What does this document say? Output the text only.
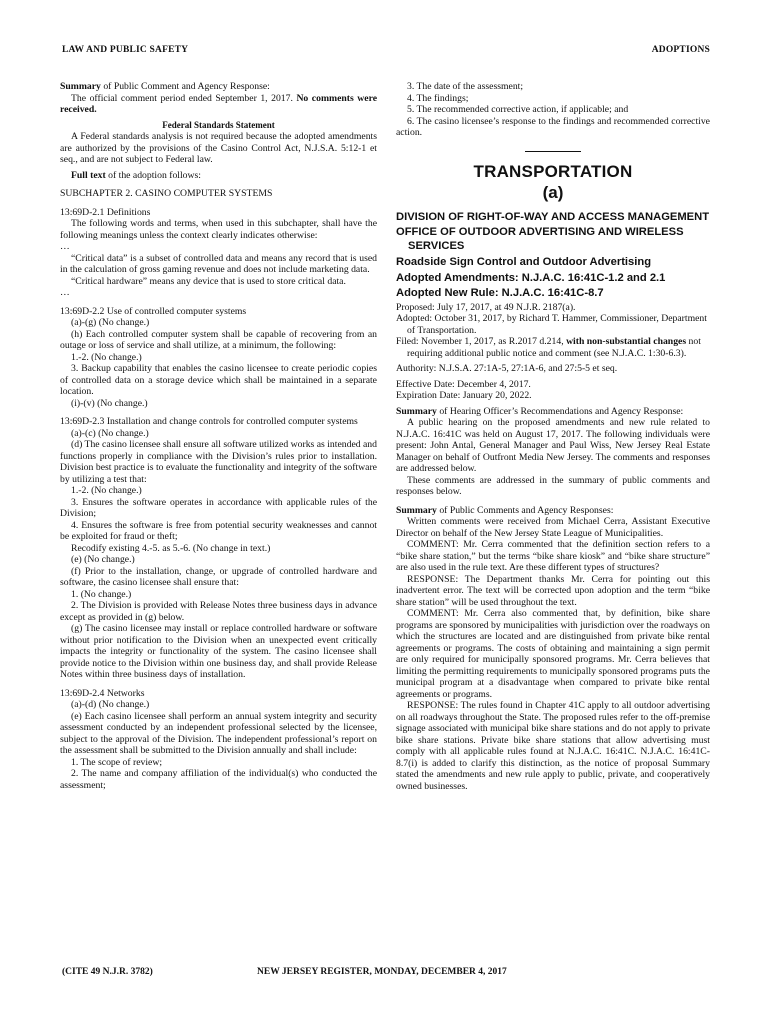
LAW AND PUBLIC SAFETY	ADOPTIONS

Summary of Public Comment and Agency Response:

The official comment period ended September 1, 2017. No comments were received.

Federal Standards Statement

A Federal standards analysis is not required because the adopted amendments are authorized by the provisions of the Casino Control Act, N.J.S.A. 5:12-1 et seq., and are not subject to Federal law.

Full text of the adoption follows:

SUBCHAPTER 2. CASINO COMPUTER SYSTEMS

13:69D-2.1 Definitions

The following words and terms, when used in this subchapter, shall have the following meanings unless the context clearly indicates otherwise:

…

“Critical data” is a subset of controlled data and means any record that is used in the calculation of gross gaming revenue and does not include marketing data.

“Critical hardware” means any device that is used to store critical data.

…

13:69D-2.2 Use of controlled computer systems

(a)-(g) (No change.)

(h) Each controlled computer system shall be capable of recovering from an outage or loss of service and shall utilize, at a minimum, the following:

1.-2. (No change.)

3. Backup capability that enables the casino licensee to create periodic copies of controlled data on a storage device which shall be maintained in a separate location.

(i)-(v) (No change.)

13:69D-2.3 Installation and change controls for controlled computer systems

(a)-(c) (No change.)

(d) The casino licensee shall ensure all software utilized works as intended and functions properly in compliance with the Division’s rules prior to installation. Division best practice is to evaluate the functionality and integrity of the software by utilizing a test that:

1.-2. (No change.)

3. Ensures the software operates in accordance with applicable rules of the Division;

4. Ensures the software is free from potential security weaknesses and cannot be exploited for fraud or theft;

Recodify existing 4.-5. as 5.-6. (No change in text.)

(e) (No change.)

(f) Prior to the installation, change, or upgrade of controlled hardware and software, the casino licensee shall ensure that:

1. (No change.)

2. The Division is provided with Release Notes three business days in advance except as provided in (g) below.

(g) The casino licensee may install or replace controlled hardware or software without prior notification to the Division when an unexpected event critically impacts the integrity or functionality of the system. The casino licensee shall provide notice to the Division within one business day, and shall provide Release Notes within three business days of installation.

13:69D-2.4 Networks

(a)-(d) (No change.)

(e) Each casino licensee shall perform an annual system integrity and security assessment conducted by an independent professional selected by the licensee, subject to the approval of the Division. The independent professional’s report on the assessment shall be submitted to the Division annually and shall include:

1. The scope of review;

2. The name and company affiliation of the individual(s) who conducted the assessment;

3. The date of the assessment;

4. The findings;

5. The recommended corrective action, if applicable; and

6. The casino licensee’s response to the findings and recommended corrective action.

TRANSPORTATION

(a)

DIVISION OF RIGHT-OF-WAY AND ACCESS MANAGEMENT

OFFICE OF OUTDOOR ADVERTISING AND WIRELESS SERVICES

Roadside Sign Control and Outdoor Advertising

Adopted Amendments: N.J.A.C. 16:41C-1.2 and 2.1

Adopted New Rule: N.J.A.C. 16:41C-8.7

Proposed: July 17, 2017, at 49 N.J.R. 2187(a).

Adopted: October 31, 2017, by Richard T. Hammer, Commissioner, Department of Transportation.

Filed: November 1, 2017, as R.2017 d.214, with non-substantial changes not requiring additional public notice and comment (see N.J.A.C. 1:30-6.3).

Authority: N.J.S.A. 27:1A-5, 27:1A-6, and 27:5-5 et seq.

Effective Date: December 4, 2017.

Expiration Date: January 20, 2022.

Summary of Hearing Officer’s Recommendations and Agency Response:

A public hearing on the proposed amendments and new rule related to N.J.A.C. 16:41C was held on August 17, 2017. The following individuals were present: John Antal, General Manager and Paul Wiss, New Jersey Real Estate Manager on behalf of Outfront Media New Jersey. The comments and responses are addressed below.

These comments are addressed in the summary of public comments and responses below.

Summary of Public Comments and Agency Responses:

Written comments were received from Michael Cerra, Assistant Executive Director on behalf of the New Jersey State League of Municipalities.

COMMENT: Mr. Cerra commented that the definition section refers to a “bike share station,” but the terms “bike share kiosk” and “bike share structure” are also used in the rule text. Are these different types of structures?

RESPONSE: The Department thanks Mr. Cerra for pointing out this inadvertent error. The text will be corrected upon adoption and the term “bike share station” will be used throughout the text.

COMMENT: Mr. Cerra also commented that, by definition, bike share programs are sponsored by municipalities with jurisdiction over the roadways on which the structures are located and are distinguished from private bike rental agreements or programs. The costs of obtaining and maintaining a sign permit are only required for municipally sponsored programs. Mr. Cerra believes that limiting the permitting requirements to municipally sponsored programs puts the municipal program at a disadvantage when compared to private bike rental agreements or programs.

RESPONSE: The rules found in Chapter 41C apply to all outdoor advertising on all roadways throughout the State. The proposed rules refer to the off-premise signage associated with municipal bike share stations and do not apply to private bike share stations. Private bike share stations that allow advertising must comply with all applicable rules found at N.J.A.C. 16:41C. N.J.A.C. 16:41C-8.7(i) is added to clarify this distinction, as the notice of proposal Summary stated the amendments and new rule apply to public, private, and cooperatively owned businesses.

(CITE 49 N.J.R. 3782)	NEW JERSEY REGISTER, MONDAY, DECEMBER 4, 2017
